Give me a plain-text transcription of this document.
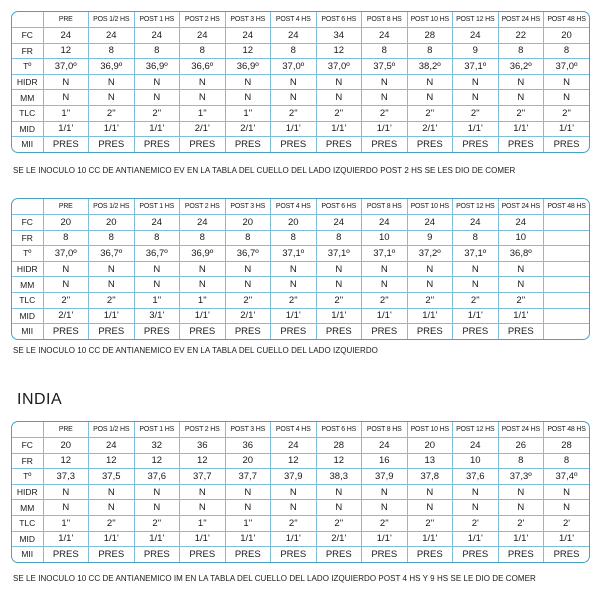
	PRE	POS 1/2 HS	POST 1 HS	POST 2 HS	POST 3 HS	POST 4 HS	POST 6 HS	POST 8 HS	POST 10 HS	POST 12 HS	POST 24 HS	POST 48 HS
FC	24	24	24	24	24	24	34	24	28	24	22	20
FR	12	8	8	8	12	8	12	8	8	9	8	8
Tº	37,0º	36,9º	36,9º	36,6º	36,9º	37,0º	37,0º	37,5º	38,2º	37,1º	36,2º	37,0º
HIDR	N	N	N	N	N	N	N	N	N	N	N	N
MM	N	N	N	N	N	N	N	N	N	N	N	N
TLC	1"	2"	2"	1"	1"	2"	2"	2"	2"	2"	2"	2"
MID	1/1'	1/1'	1/1'	2/1'	2/1'	1/1'	1/1'	1/1'	2/1'	1/1'	1/1'	1/1'
MII	PRES	PRES	PRES	PRES	PRES	PRES	PRES	PRES	PRES	PRES	PRES	PRES
SE LE INOCULO 10 CC DE ANTIANEMICO EV EN LA TABLA DEL CUELLO DEL LADO IZQUIERDO POST 2 HS SE LES DIO DE COMER
	PRE	POS 1/2 HS	POST 1 HS	POST 2 HS	POST 3 HS	POST 4 HS	POST 6 HS	POST 8 HS	POST 10 HS	POST 12 HS	POST 24 HS	POST 48 HS
FC	20	20	24	24	20	20	24	24	24	24	24	
FR	8	8	8	8	8	8	8	10	9	8	10	
Tº	37,0º	36,7º	36,7º	36,9º	36,7º	37,1º	37,1º	37,1º	37,2º	37,1º	36,8º	
HIDR	N	N	N	N	N	N	N	N	N	N	N	
MM	N	N	N	N	N	N	N	N	N	N	N	
TLC	2"	2"	1"	1"	2"	2"	2"	2"	2"	2"	2"	
MID	2/1'	1/1'	3/1'	1/1'	2/1'	1/1'	1/1'	1/1'	1/1'	1/1'	1/1'	
MII	PRES	PRES	PRES	PRES	PRES	PRES	PRES	PRES	PRES	PRES	PRES	
SE LE INOCULO 10 CC DE ANTIANEMICO EV EN LA TABLA DEL CUELLO DEL LADO IZQUIERDO
INDIA
	PRE	POS 1/2 HS	POST 1 HS	POST 2 HS	POST 3 HS	POST 4 HS	POST 6 HS	POST 8 HS	POST 10 HS	POST 12 HS	POST 24 HS	POST 48 HS
FC	20	24	32	36	36	24	28	24	20	24	26	28
FR	12	12	12	12	20	12	12	16	13	10	8	8
Tº	37,3	37,5	37,6	37,7	37,7	37,9	38,3	37,9	37,8	37,6	37,3º	37,4º
HIDR	N	N	N	N	N	N	N	N	N	N	N	N
MM	N	N	N	N	N	N	N	N	N	N	N	N
TLC	1"	2"	2"	1"	1"	2"	2"	2"	2"	2'	2'	2'
MID	1/1'	1/1'	1/1'	1/1'	1/1'	1/1'	2/1'	1/1'	1/1'	1/1'	1/1'	1/1'
MII	PRES	PRES	PRES	PRES	PRES	PRES	PRES	PRES	PRES	PRES	PRES	PRES
SE LE INOCULO 10 CC DE ANTIANEMICO IM EN LA TABLA DEL CUELLO DEL LADO IZQUIERDO POST 4 HS Y 9 HS SE LE DIO DE COMER
